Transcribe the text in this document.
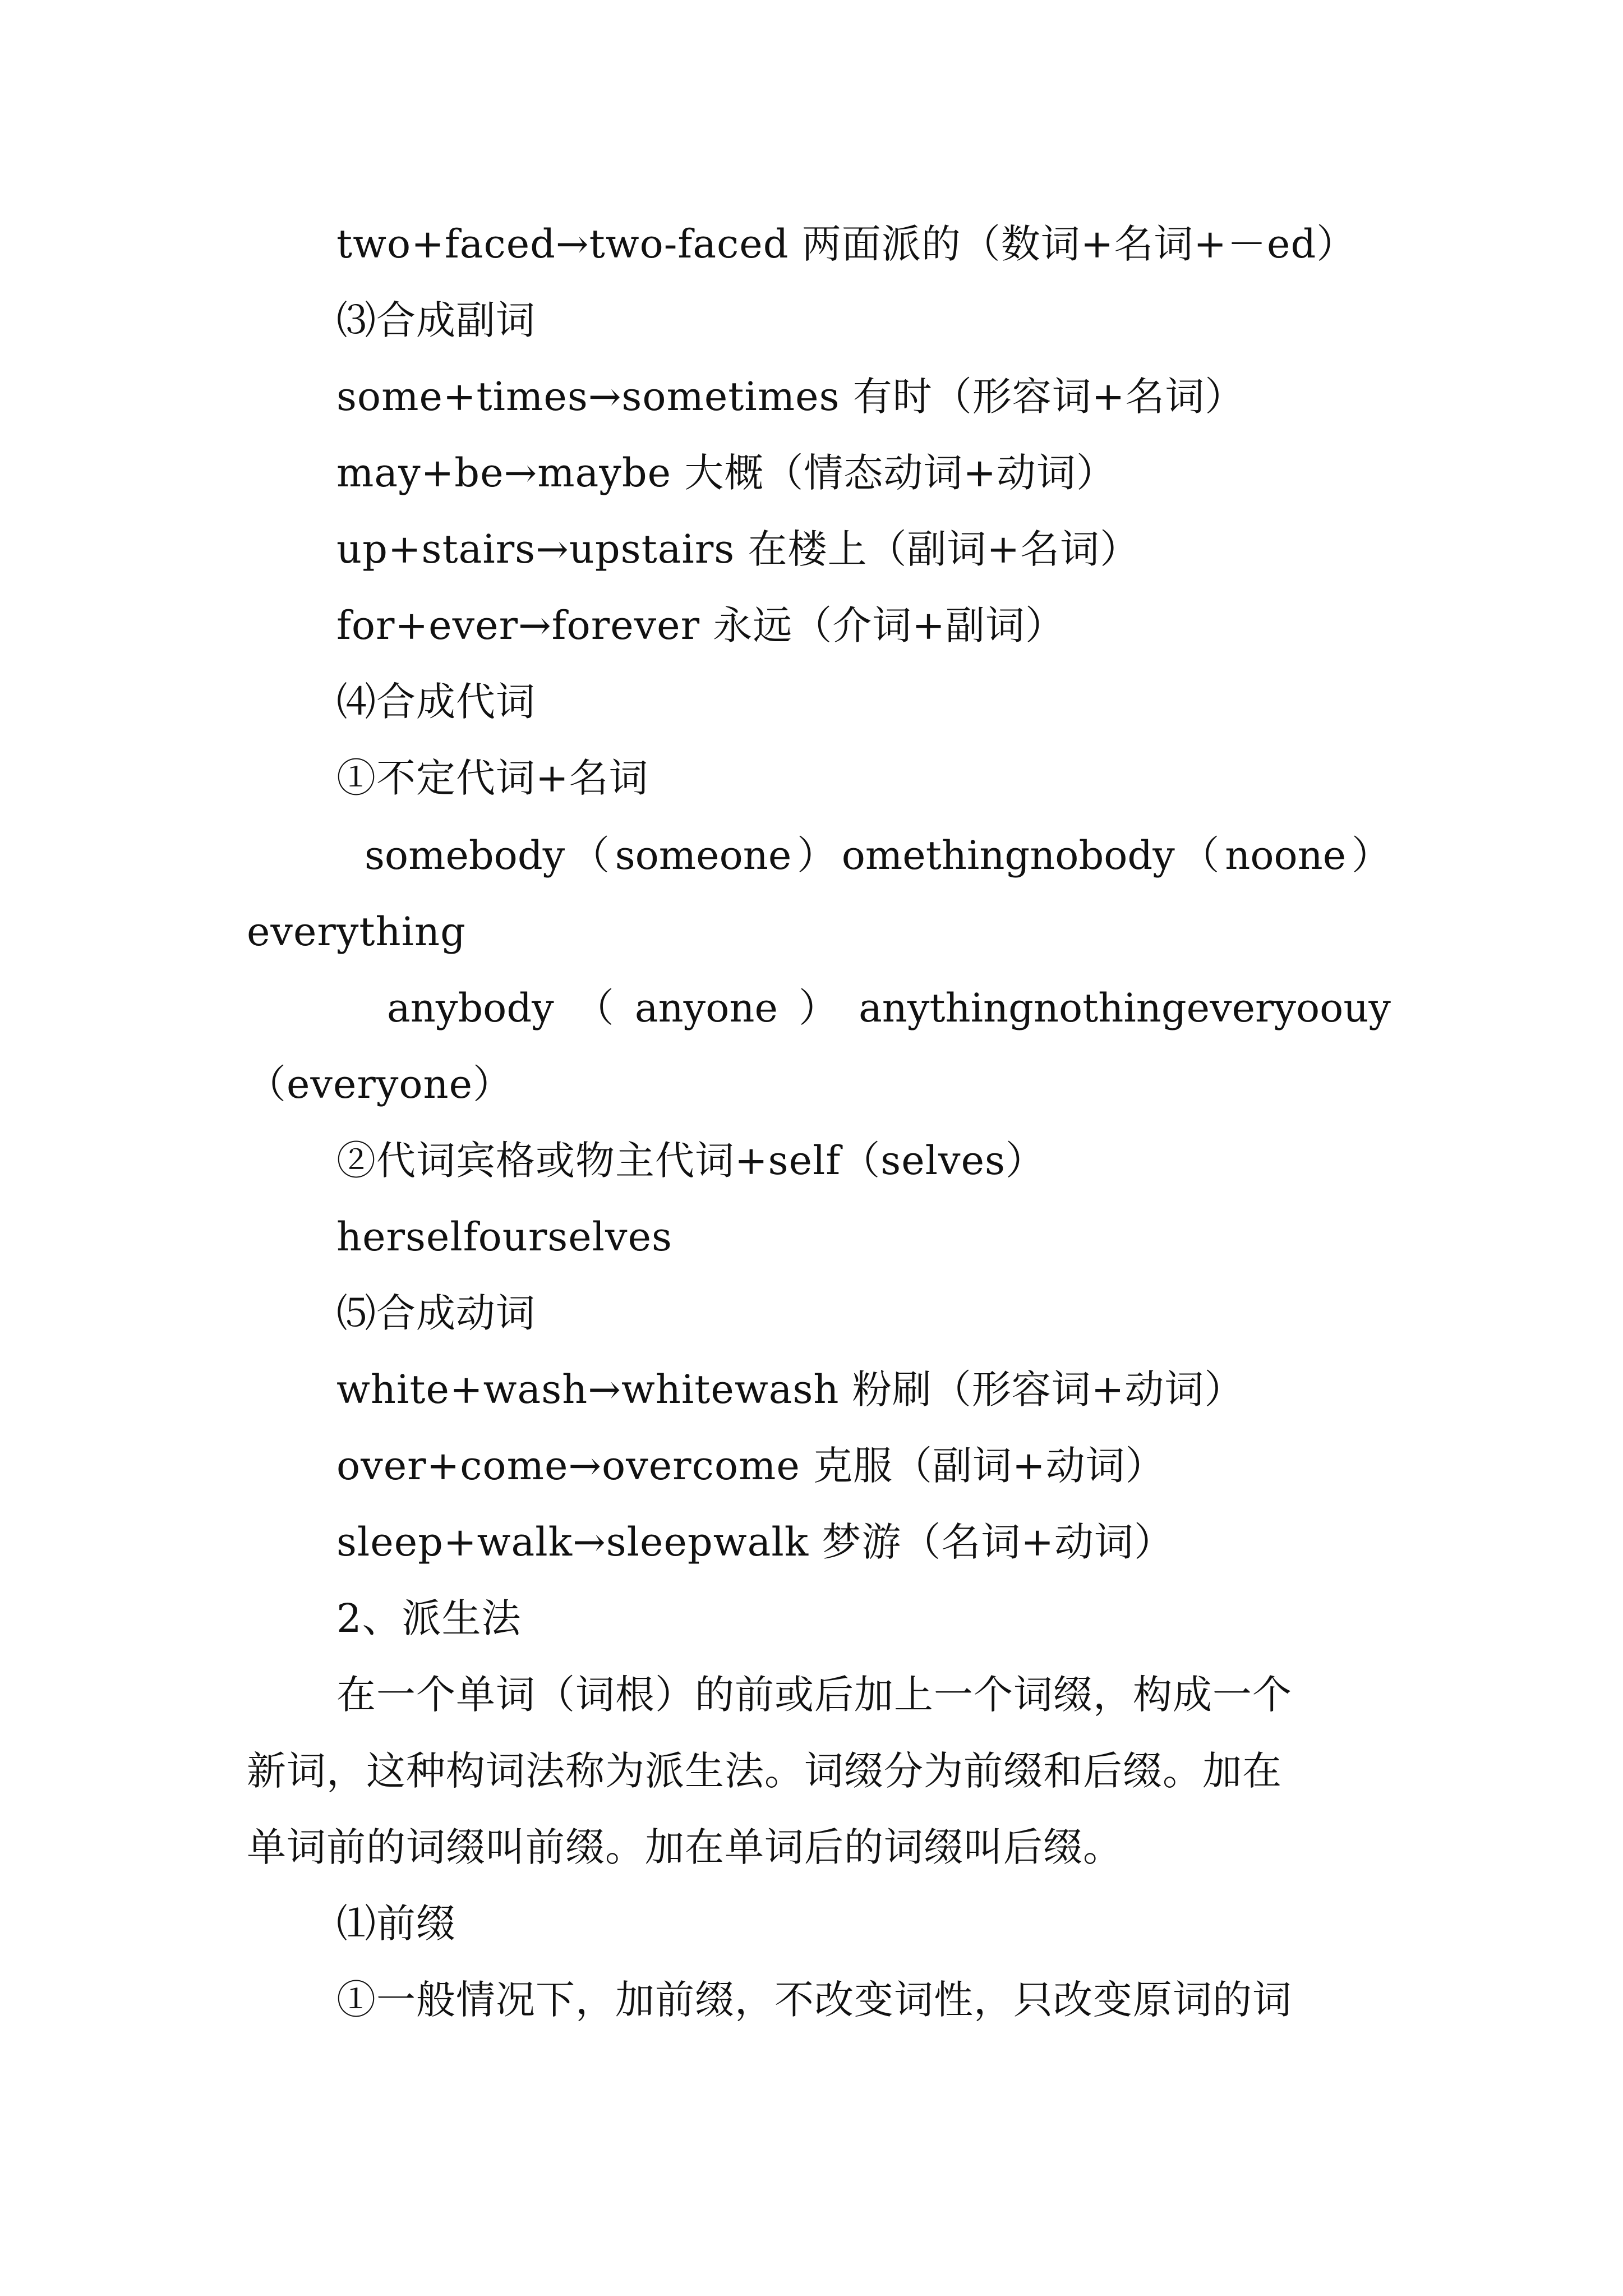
two+faced→two-faced 两面派的（数词+名词+－ed）
⑶合成副词
some+times→sometimes 有时（形容词+名词）
may+be→maybe 大概（情态动词+动词）
up+stairs→upstairs 在楼上（副词+名词）
for+ever→forever 永远（介词+副词）
⑷合成代词
①不定代词+名词
somebody （ someone ） omethingnobody （ noone ）
everything
anybody （ anyone ） anythingnothingeveryoouy
（everyone）
②代词宾格或物主代词+self（selves）
herselfourselves
⑸合成动词
white+wash→whitewash 粉刷（形容词+动词）
over+come→overcome 克服（副词+动词）
sleep+walk→sleepwalk 梦游（名词+动词）
2、派生法
在一个单词（词根）的前或后加上一个词缀，构成一个
新词，这种构词法称为派生法。词缀分为前缀和后缀。加在
单词前的词缀叫前缀。加在单词后的词缀叫后缀。
⑴前缀
①一般情况下，加前缀，不改变词性，只改变原词的词
